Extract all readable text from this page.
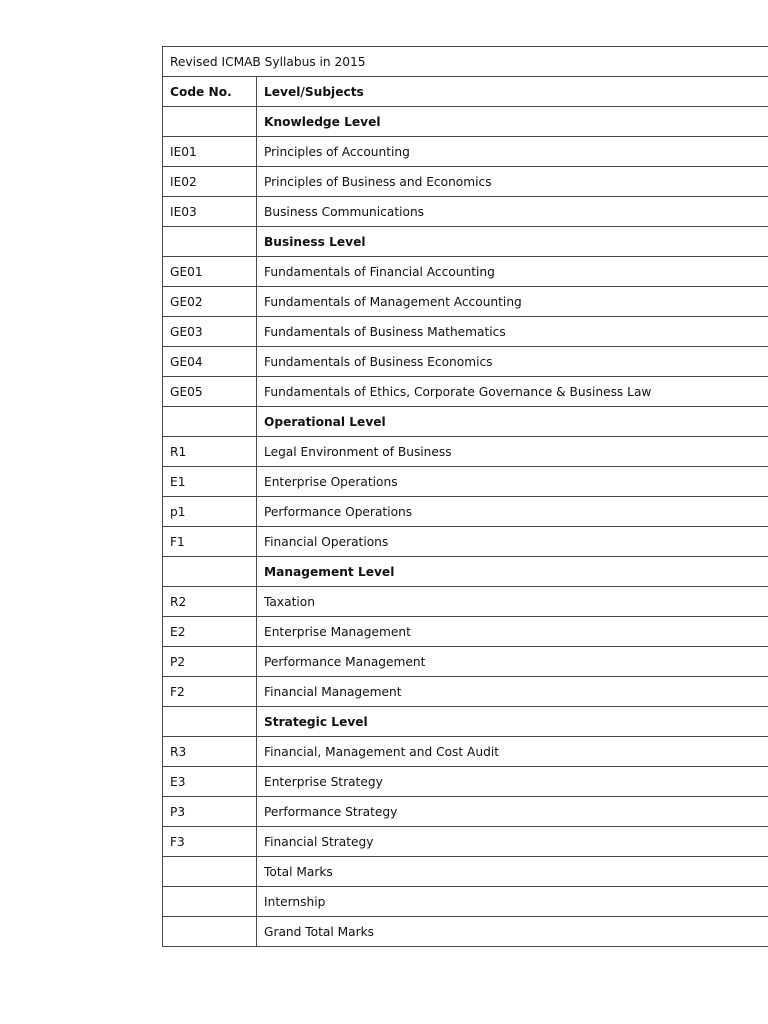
Revised ICMAB Syllabus in 2015	
Code No.	Level/Subjects
	Knowledge Level
IE01	Principles of Accounting
IE02	Principles of Business and Economics
IE03	Business Communications
	Business Level
GE01	Fundamentals of Financial Accounting
GE02	Fundamentals of Management Accounting
GE03	Fundamentals of Business Mathematics
GE04	Fundamentals of Business Economics
GE05	Fundamentals of Ethics, Corporate Governance & Business Law
	Operational Level
R1	Legal Environment of Business
E1	Enterprise Operations
p1	Performance Operations
F1	Financial Operations
	Management Level
R2	Taxation
E2	Enterprise Management
P2	Performance Management
F2	Financial Management
	Strategic Level
R3	Financial, Management and Cost Audit
E3	Enterprise Strategy
P3	Performance Strategy
F3	Financial Strategy
	Total Marks
	Internship
	Grand Total Marks
